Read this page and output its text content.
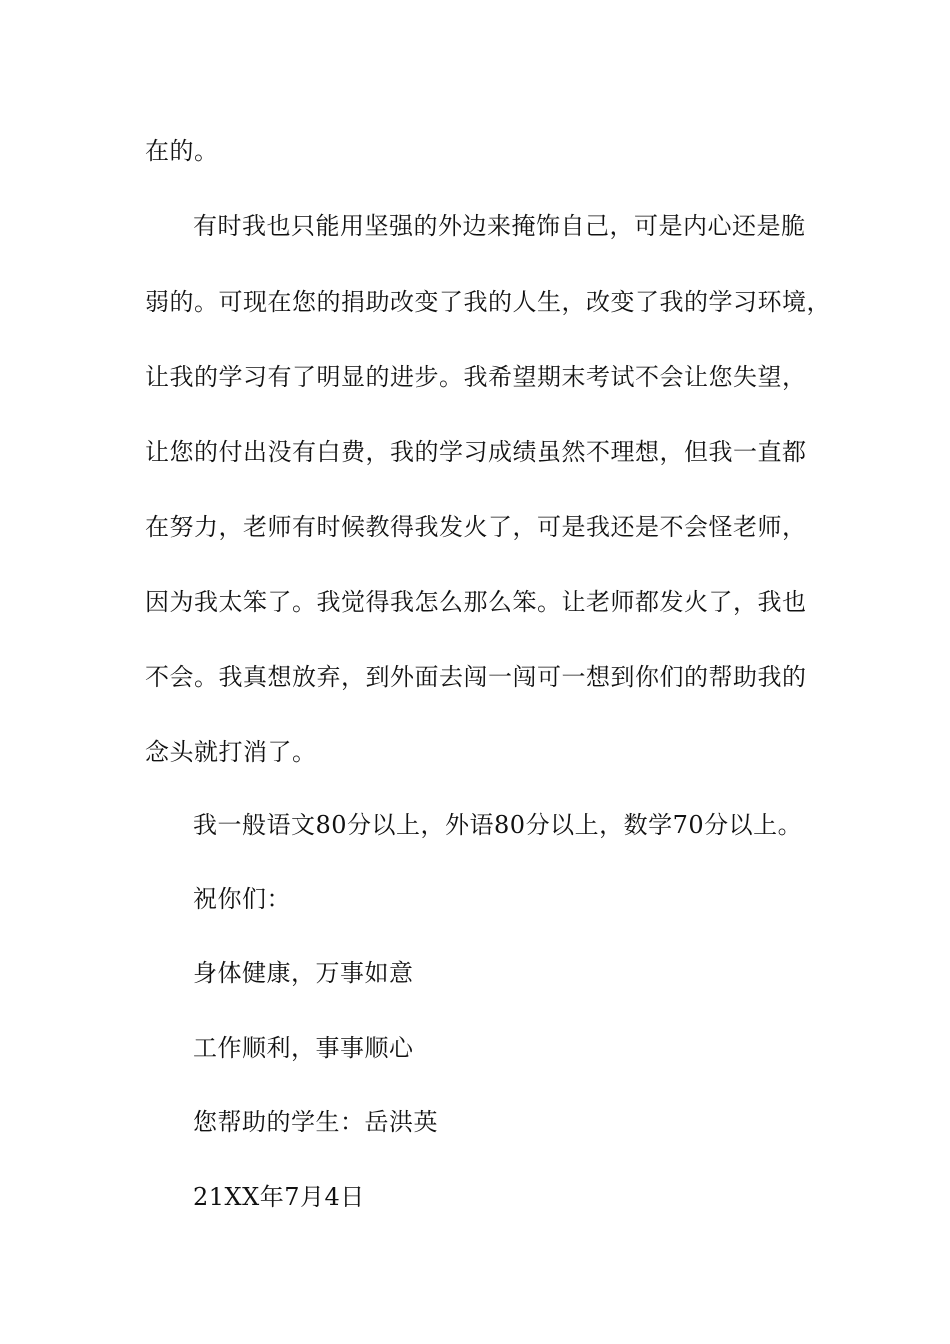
在的。
有时我也只能用坚强的外边来掩饰自己，可是内心还是脆
弱的。可现在您的捐助改变了我的人生，改变了我的学习环境，
让我的学习有了明显的进步。我希望期末考试不会让您失望，
让您的付出没有白费，我的学习成绩虽然不理想，但我一直都
在努力，老师有时候教得我发火了，可是我还是不会怪老师，
因为我太笨了。我觉得我怎么那么笨。让老师都发火了，我也
不会。我真想放弃，到外面去闯一闯可一想到你们的帮助我的
念头就打消了。
我一般语文80分以上，外语80分以上，数学70分以上。
祝你们：
身体健康，万事如意
工作顺利，事事顺心
您帮助的学生：岳洪英
21XX年7月4日
